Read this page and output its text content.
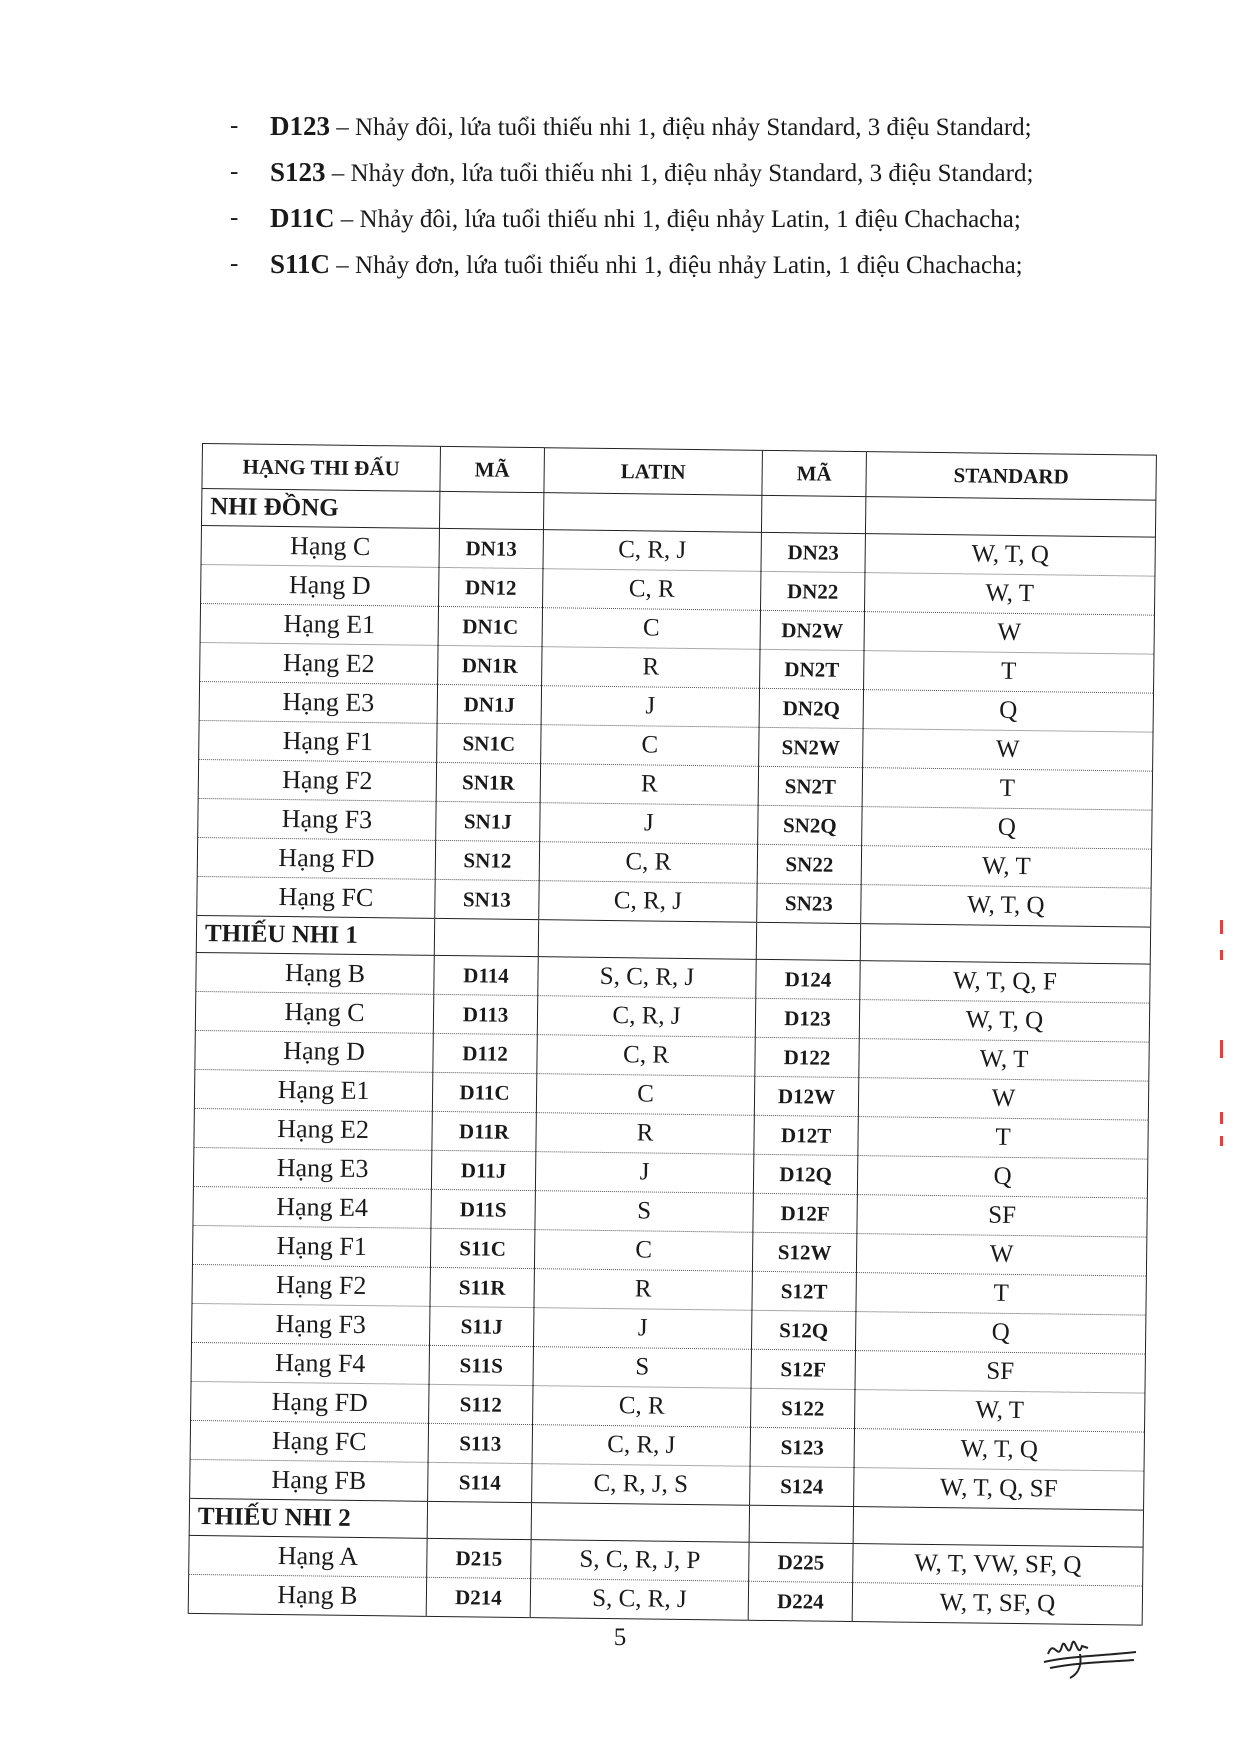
- D123 – Nhảy đôi, lứa tuổi thiếu nhi 1, điệu nhảy Standard, 3 điệu Standard;
- S123 – Nhảy đơn, lứa tuổi thiếu nhi 1, điệu nhảy Standard, 3 điệu Standard;
- D11C – Nhảy đôi, lứa tuổi thiếu nhi 1, điệu nhảy Latin, 1 điệu Chachacha;
- S11C – Nhảy đơn, lứa tuổi thiếu nhi 1, điệu nhảy Latin, 1 điệu Chachacha;
HẠNG THI ĐẤU	MÃ	LATIN	MÃ	STANDARD
NHI ĐỒNG				
Hạng C	DN13	C, R, J	DN23	W, T, Q
Hạng D	DN12	C, R	DN22	W, T
Hạng E1	DN1C	C	DN2W	W
Hạng E2	DN1R	R	DN2T	T
Hạng E3	DN1J	J	DN2Q	Q
Hạng F1	SN1C	C	SN2W	W
Hạng F2	SN1R	R	SN2T	T
Hạng F3	SN1J	J	SN2Q	Q
Hạng FD	SN12	C, R	SN22	W, T
Hạng FC	SN13	C, R, J	SN23	W, T, Q
THIẾU NHI 1				
Hạng B	D114	S, C, R, J	D124	W, T, Q, F
Hạng C	D113	C, R, J	D123	W, T, Q
Hạng D	D112	C, R	D122	W, T
Hạng E1	D11C	C	D12W	W
Hạng E2	D11R	R	D12T	T
Hạng E3	D11J	J	D12Q	Q
Hạng E4	D11S	S	D12F	SF
Hạng F1	S11C	C	S12W	W
Hạng F2	S11R	R	S12T	T
Hạng F3	S11J	J	S12Q	Q
Hạng F4	S11S	S	S12F	SF
Hạng FD	S112	C, R	S122	W, T
Hạng FC	S113	C, R, J	S123	W, T, Q
Hạng FB	S114	C, R, J, S	S124	W, T, Q, SF
THIẾU NHI 2				
Hạng A	D215	S, C, R, J, P	D225	W, T, VW, SF, Q
Hạng B	D214	S, C, R, J	D224	W, T, SF, Q
5
